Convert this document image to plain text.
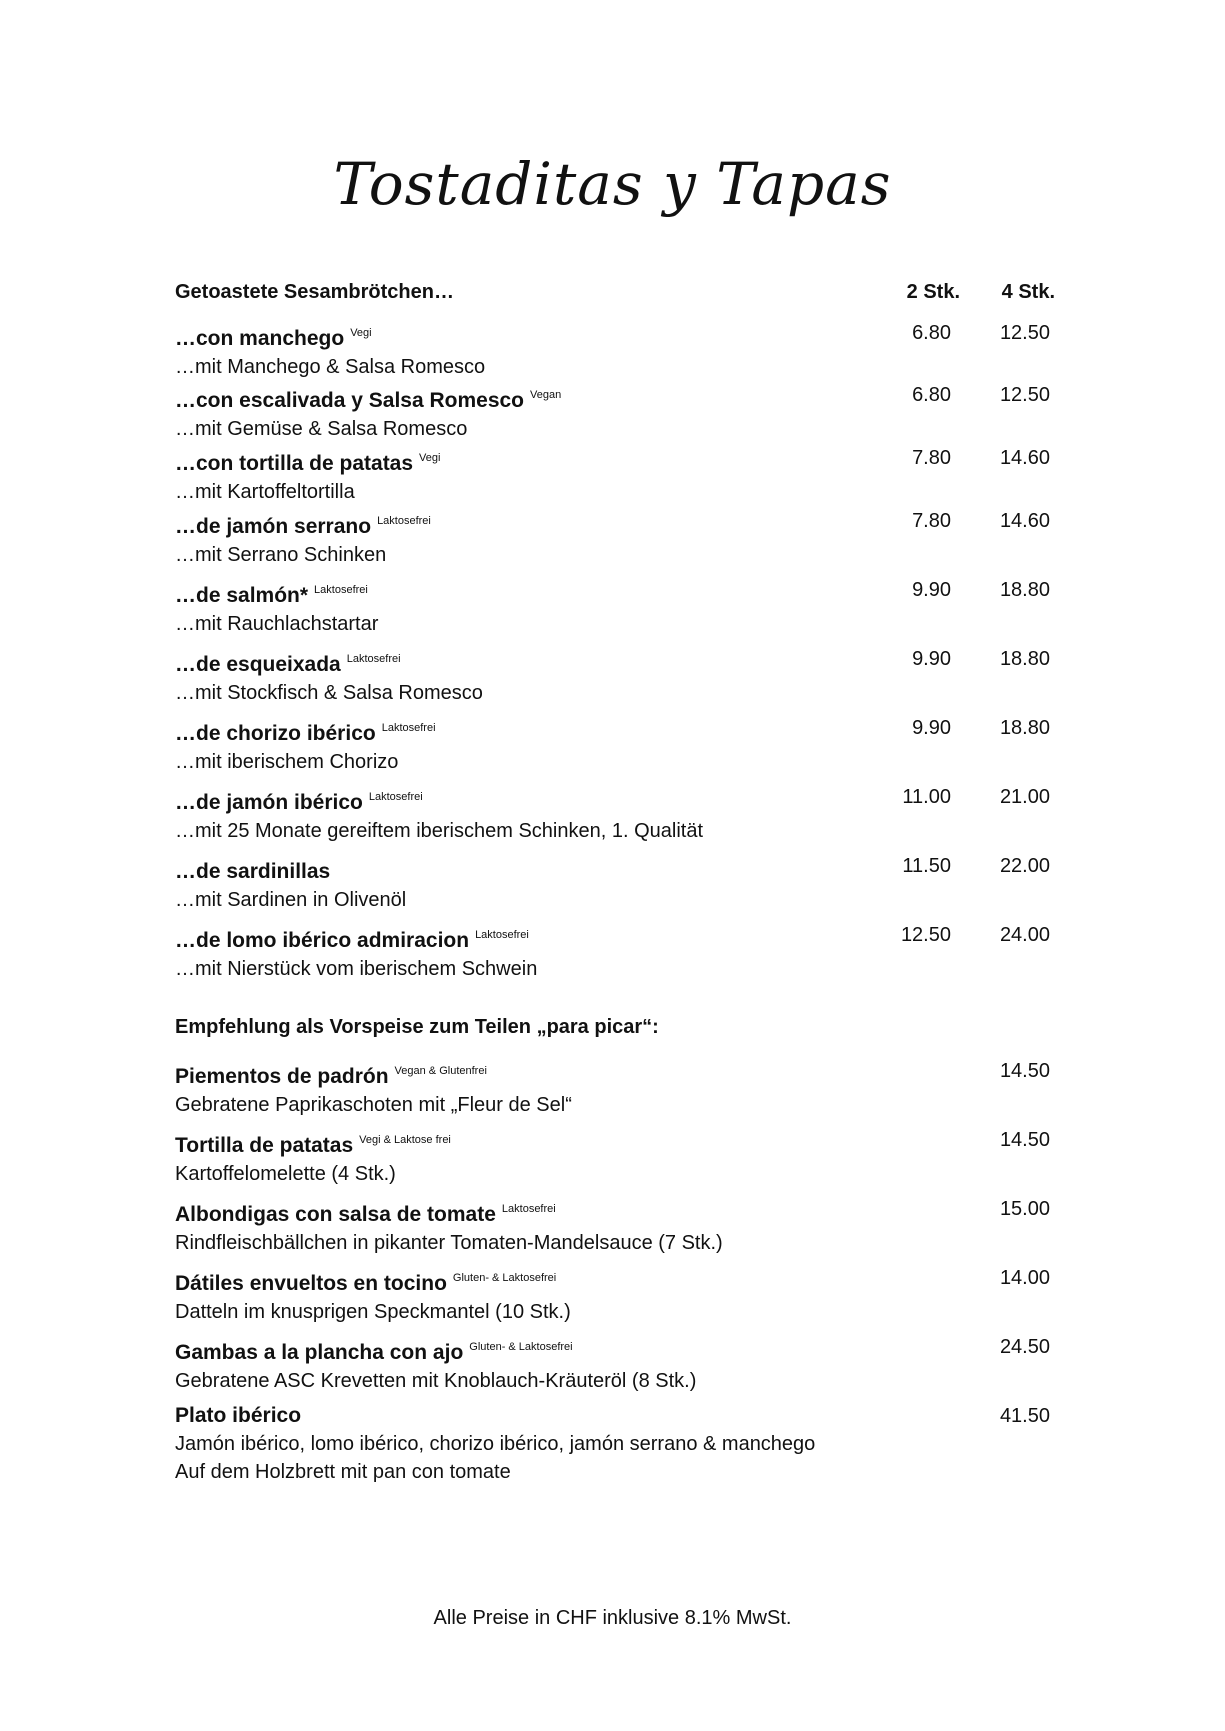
Tostaditas y Tapas
Getoastete Sesambrötchen…	2 Stk. 4 Stk.
…con manchego $^{Vegi}$
…mit Manchego & Salsa Romesco
6.80 12.50
…con escalivada y Salsa Romesco $^{Vegan}$
…mit Gemüse & Salsa Romesco
6.80 12.50
…con tortilla de patatas $^{Vegi}$
…mit Kartoffeltortilla
7.80 14.60
…de jamón serrano $^{Laktosefrei}$
…mit Serrano Schinken
7.80 14.60
…de salmón* $^{Laktosefrei}$
…mit Rauchlachstartar
9.90 18.80
…de esqueixada $^{Laktosefrei}$
…mit Stockfisch & Salsa Romesco
9.90 18.80
…de chorizo ibérico $^{Laktosefrei}$
…mit iberischem Chorizo
9.90 18.80
…de jamón ibérico $^{Laktosefrei}$
…mit 25 Monate gereiftem iberischem Schinken, 1. Qualität
11.00 21.00
…de sardinillas
…mit Sardinen in Olivenöl
11.50 22.00
…de lomo ibérico admiracion $^{Laktosefrei}$
…mit Nierstück vom iberischem Schwein
12.50 24.00
Empfehlung als Vorspeise zum Teilen „para picar“:
Piementos de padrón $^{Vegan \& Glutenfrei}$
Gebratene Paprikaschoten mit „Fleur de Sel“
14.50
Tortilla de patatas $^{Vegi \& Laktose frei}$
Kartoffelomelette (4 Stk.)
14.50
Albondigas con salsa de tomate $^{Laktosefrei}$
Rindfleischbällchen in pikanter Tomaten-Mandelsauce (7 Stk.)
15.00
Dátiles envueltos en tocino $^{Gluten- \& Laktosefrei}$
Datteln im knusprigen Speckmantel (10 Stk.)
14.00
Gambas a la plancha con ajo $^{Gluten- \& Laktosefrei}$
Gebratene ASC Krevetten mit Knoblauch-Kräuteröl (8 Stk.)
24.50
Plato ibérico
Jamón ibérico, lomo ibérico, chorizo ibérico, jamón serrano & manchego
Auf dem Holzbrett mit pan con tomate
41.50
Alle Preise in CHF inklusive 8.1% MwSt.
